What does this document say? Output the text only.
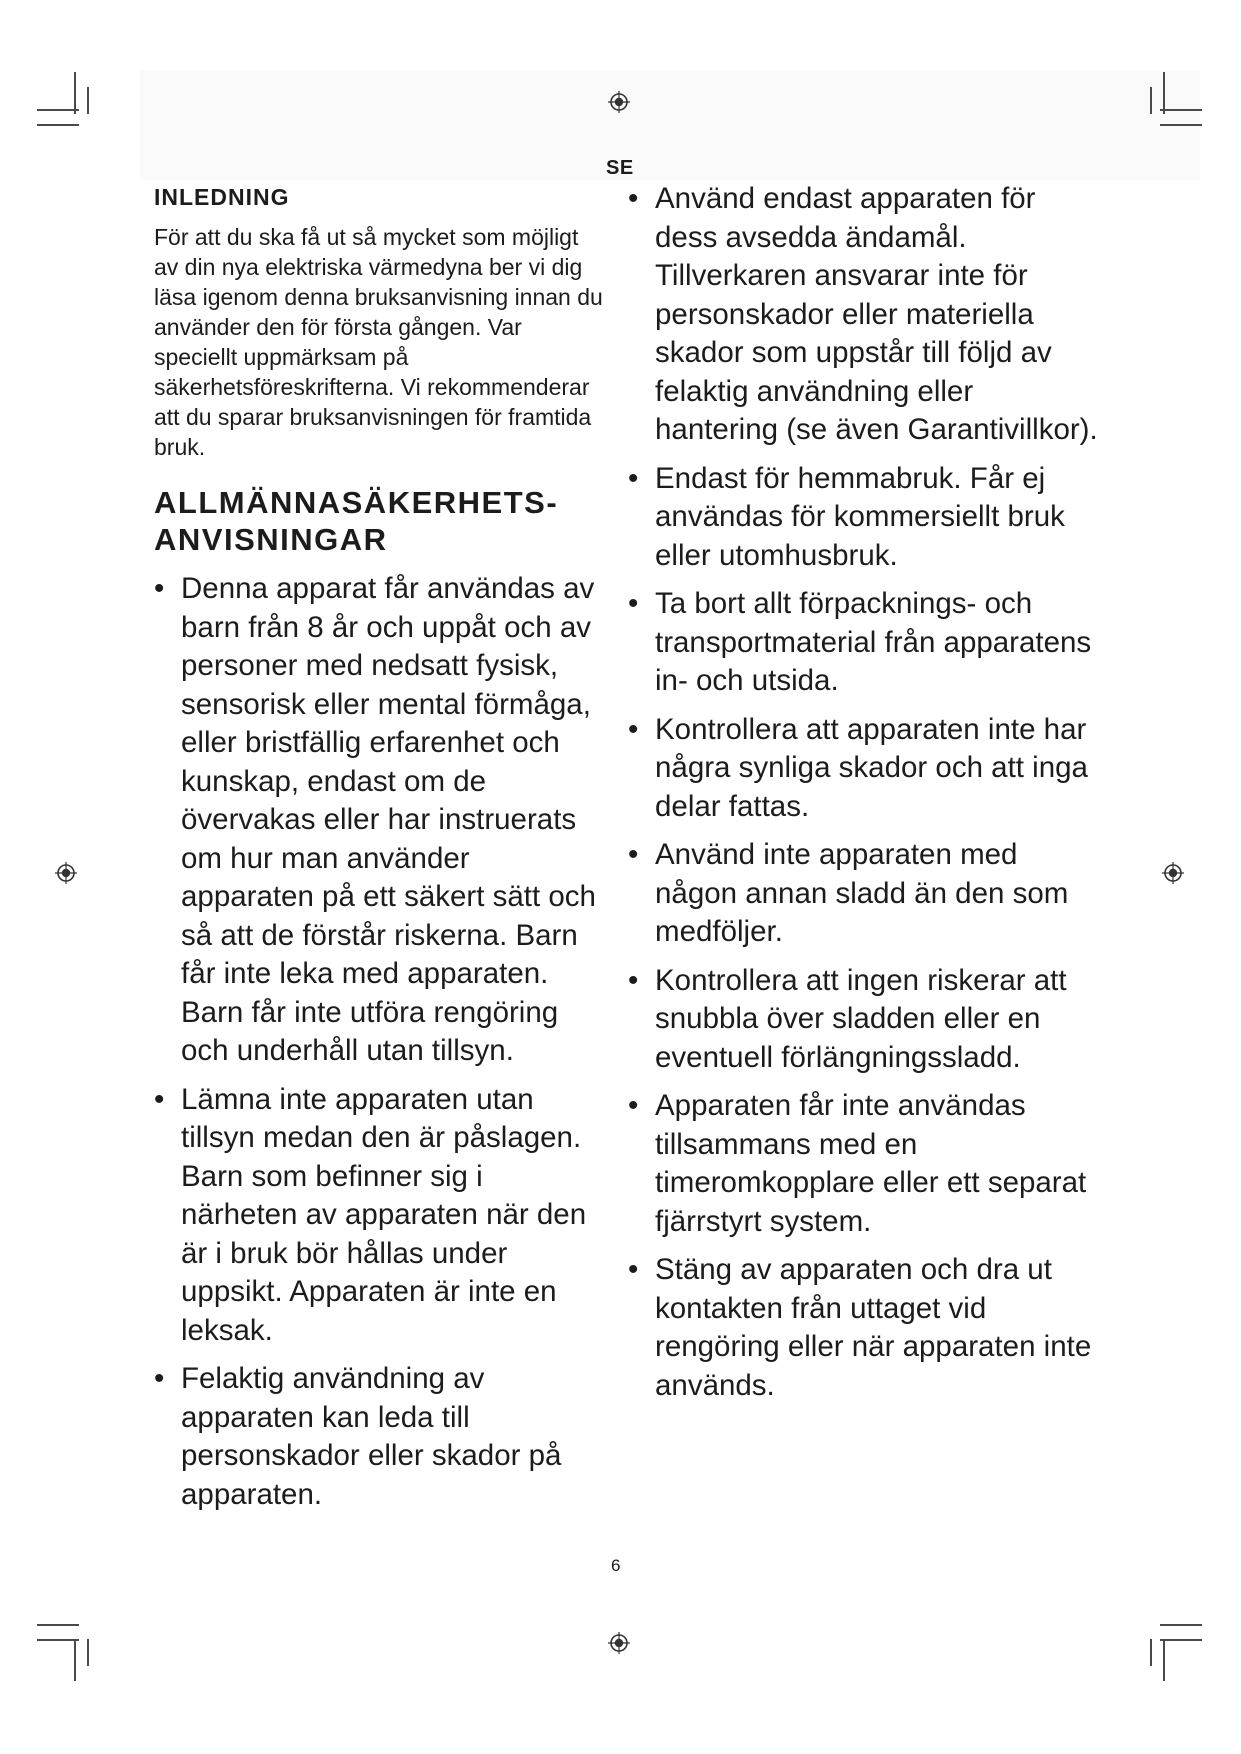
SE
INLEDNING

För att du ska få ut så mycket som möjligt av din nya elektriska värmedyna ber vi dig läsa igenom denna bruksanvisning innan du använder den för första gången. Var speciellt uppmärksam på säkerhetsföreskrifterna. Vi rekommenderar att du sparar bruksanvisningen för framtida bruk.

ALLMÄNNASÄKERHETS-ANVISNINGAR
• Denna apparat får användas av barn från 8 år och uppåt och av personer med nedsatt fysisk, sensorisk eller mental förmåga, eller bristfällig erfarenhet och kunskap, endast om de övervakas eller har instruerats om hur man använder apparaten på ett säkert sätt och så att de förstår riskerna. Barn får inte leka med apparaten. Barn får inte utföra rengöring och underhåll utan tillsyn.
• Lämna inte apparaten utan tillsyn medan den är påslagen. Barn som befinner sig i närheten av apparaten när den är i bruk bör hållas under uppsikt. Apparaten är inte en leksak.
• Felaktig användning av apparaten kan leda till personskador eller skador på apparaten.
• Använd endast apparaten för dess avsedda ändamål. Tillverkaren ansvarar inte för personskador eller materiella skador som uppstår till följd av felaktig användning eller hantering (se även Garantivillkor).
• Endast för hemmabruk. Får ej användas för kommersiellt bruk eller utomhusbruk.
• Ta bort allt förpacknings- och transportmaterial från apparatens in- och utsida.
• Kontrollera att apparaten inte har några synliga skador och att inga delar fattas.
• Använd inte apparaten med någon annan sladd än den som medföljer.
• Kontrollera att ingen riskerar att snubbla över sladden eller en eventuell förlängningssladd.
• Apparaten får inte användas tillsammans med en timeromkopplare eller ett separat fjärrstyrt system.
• Stäng av apparaten och dra ut kontakten från uttaget vid rengöring eller när apparaten inte används.
6
